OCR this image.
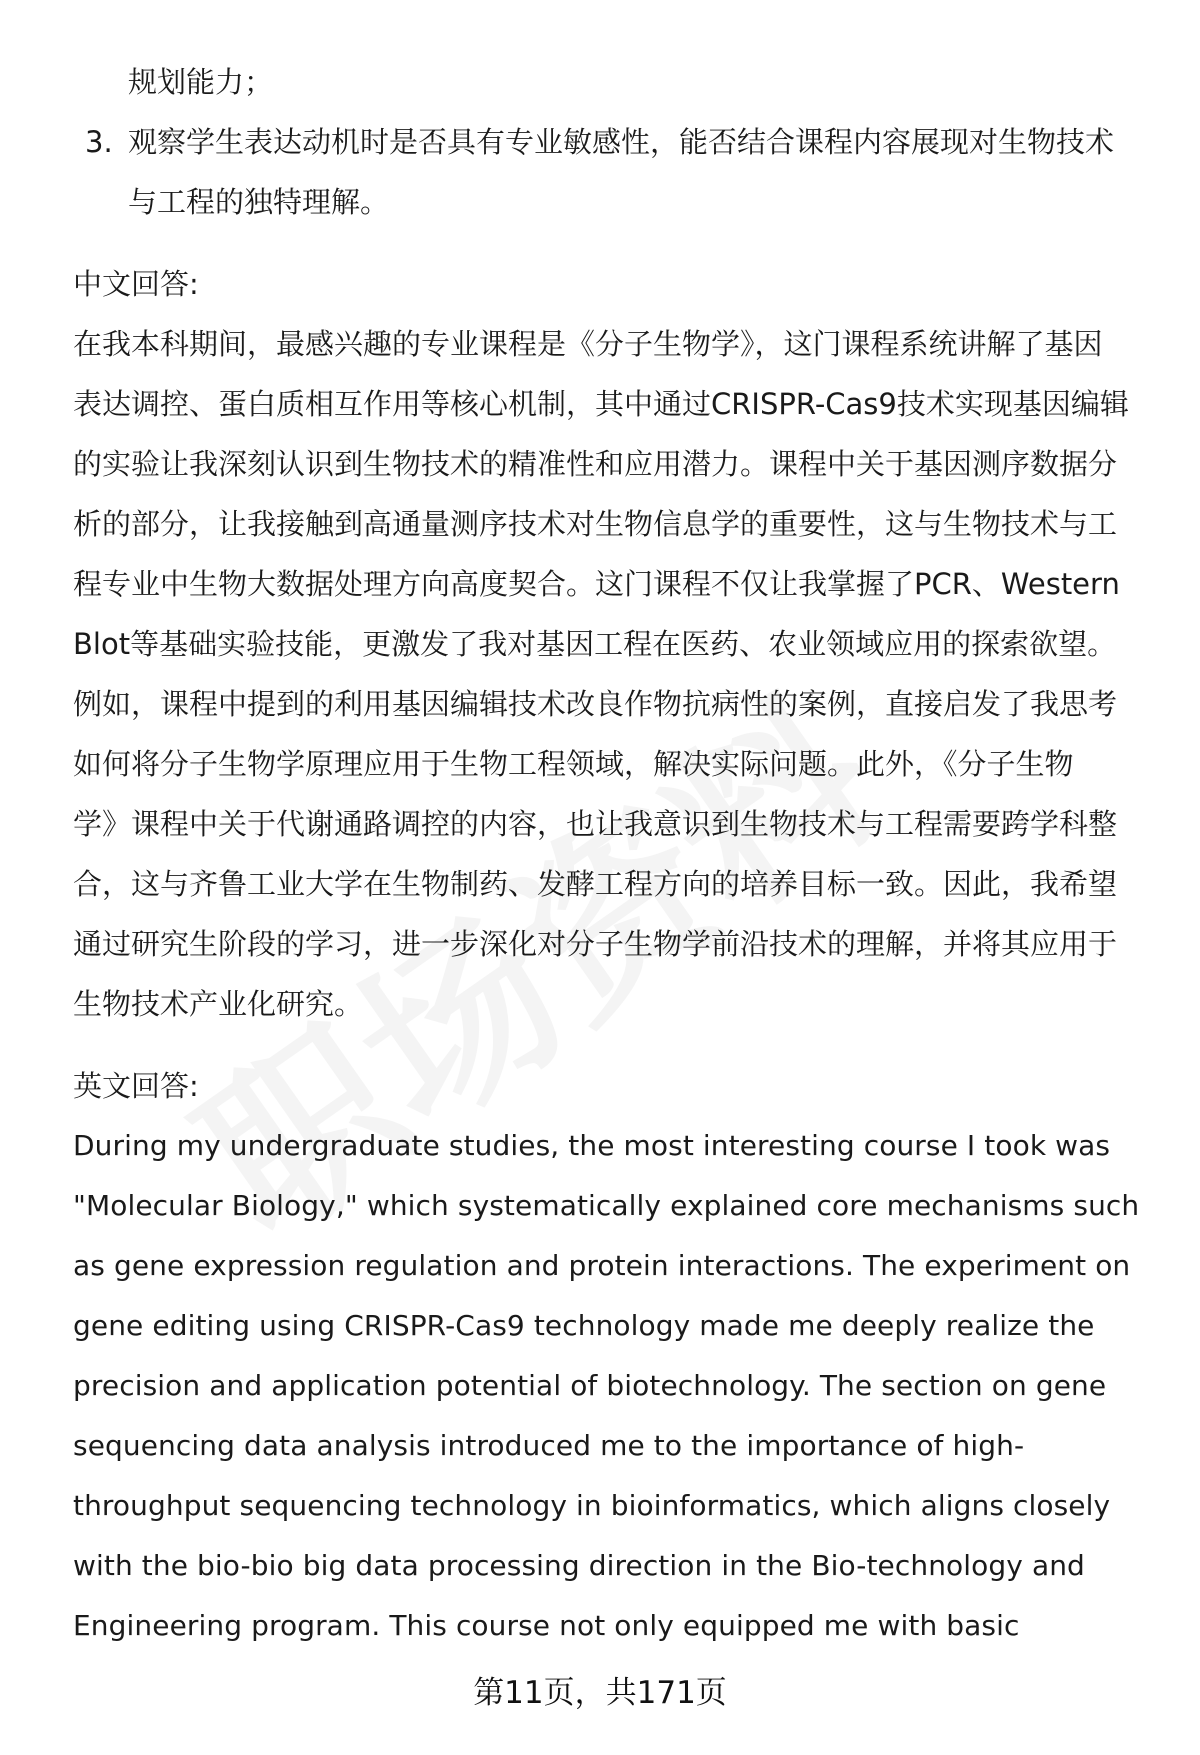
规划能力；
3. 观察学生表达动机时是否具有专业敏感性，能否结合课程内容展现对生物技术
与工程的独特理解。
中文回答:
在我本科期间，最感兴趣的专业课程是《分子生物学》，这门课程系统讲解了基因
表达调控、蛋白质相互作用等核心机制，其中通过CRISPR-Cas9技术实现基因编辑
的实验让我深刻认识到生物技术的精准性和应用潜力。课程中关于基因测序数据分
析的部分，让我接触到高通量测序技术对生物信息学的重要性，这与生物技术与工
程专业中生物大数据处理方向高度契合。这门课程不仅让我掌握了PCR、Western
Blot等基础实验技能，更激发了我对基因工程在医药、农业领域应用的探索欲望。
例如，课程中提到的利用基因编辑技术改良作物抗病性的案例，直接启发了我思考
如何将分子生物学原理应用于生物工程领域，解决实际问题。此外，《分子生物
学》课程中关于代谢通路调控的内容，也让我意识到生物技术与工程需要跨学科整
合，这与齐鲁工业大学在生物制药、发酵工程方向的培养目标一致。因此，我希望
通过研究生阶段的学习，进一步深化对分子生物学前沿技术的理解，并将其应用于
生物技术产业化研究。
英文回答:
During my undergraduate studies, the most interesting course I took was
"Molecular Biology," which systematically explained core mechanisms such
as gene expression regulation and protein interactions. The experiment on
gene editing using CRISPR-Cas9 technology made me deeply realize the
precision and application potential of biotechnology. The section on gene
sequencing data analysis introduced me to the importance of high-
throughput sequencing technology in bioinformatics, which aligns closely
with the bio-bio big data processing direction in the Bio-technology and
Engineering program. This course not only equipped me with basic
第11页，共171页
